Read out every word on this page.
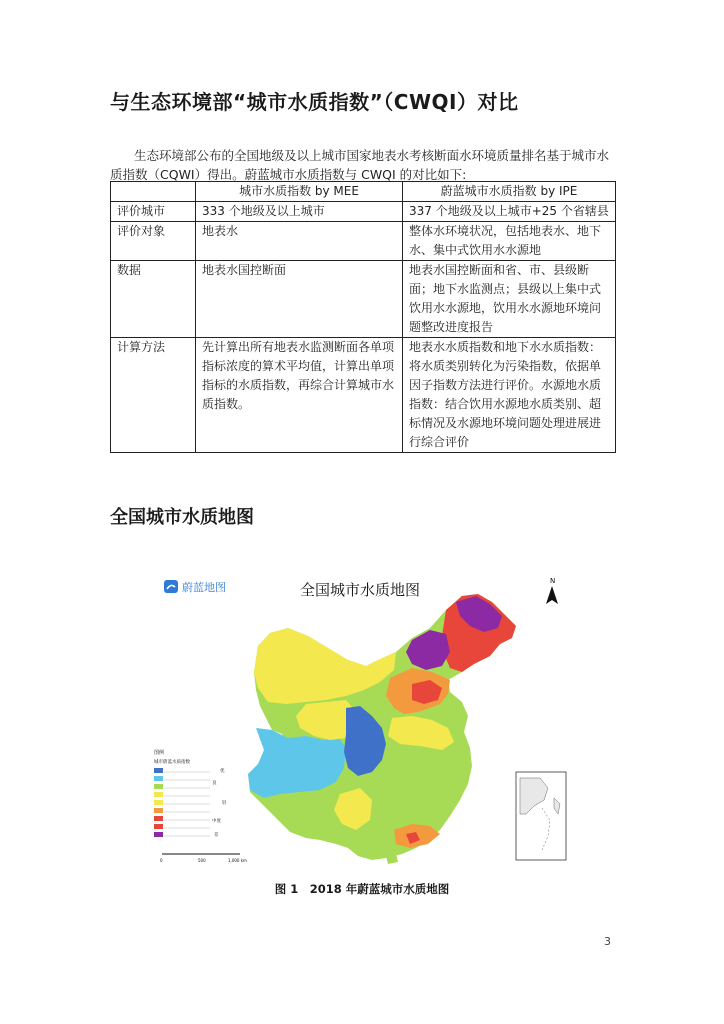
与生态环境部“城市水质指数”（CWQI）对比
生态环境部公布的全国地级及以上城市国家地表水考核断面水环境质量排名基于城市水质指数（CQWI）得出。蔚蓝城市水质指数与 CWQI 的对比如下:
	城市水质指数 by MEE	蔚蓝城市水质指数 by IPE
评价城市	333 个地级及以上城市	337 个地级及以上城市+25 个省辖县
评价对象	地表水	整体水环境状况，包括地表水、地下水、集中式饮用水水源地
数据	地表水国控断面	地表水国控断面和省、市、县级断面；地下水监测点；县级以上集中式饮用水水源地，饮用水水源地环境问题整改进度报告
计算方法	先计算出所有地表水监测断面各单项指标浓度的算术平均值，计算出单项指标的水质指数，再综合计算城市水质指数。	地表水水质指数和地下水水质指数：将水质类别转化为污染指数，依据单因子指数方法进行评价。水源地水质指数：结合饮用水源地水质类别、超标情况及水源地环境问题处理进展进行综合评价
全国城市水质地图
蔚蓝地图	全国城市水质地图	N
图例
城市蔚蓝水质指数
优
良
轻
中度
差
0	500	1,000 km
图 1　2018 年蔚蓝城市水质地图
3
